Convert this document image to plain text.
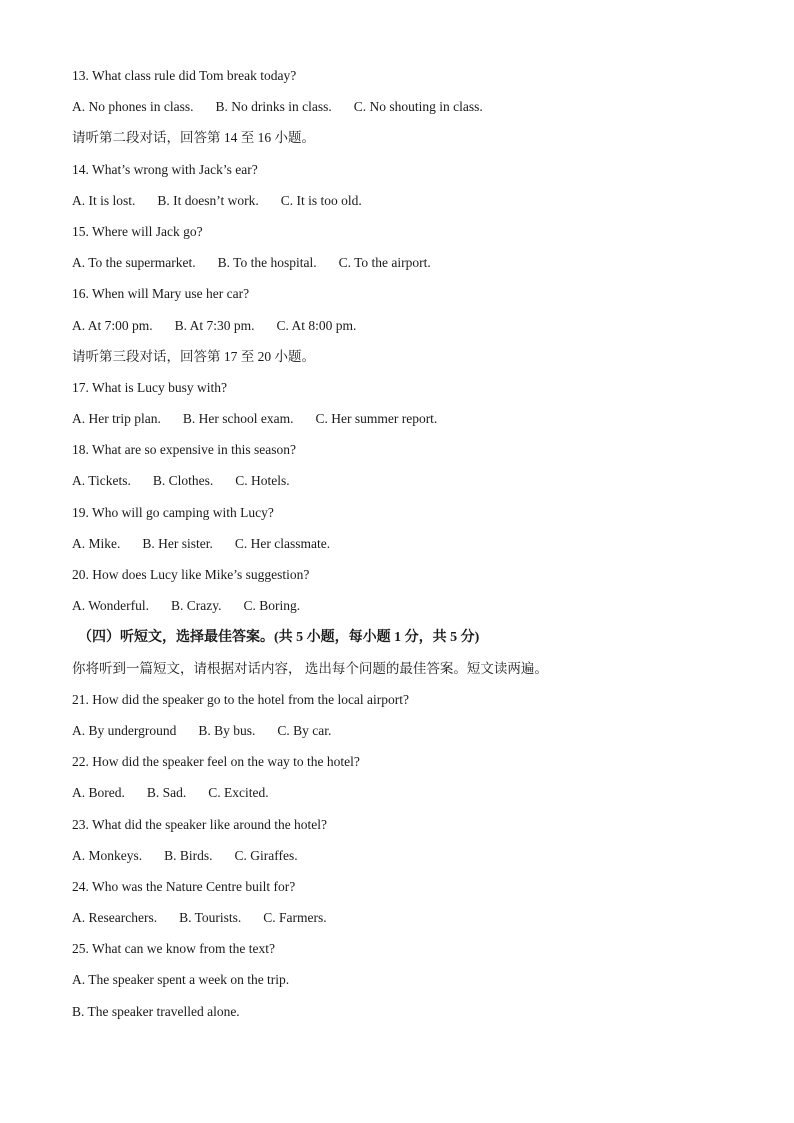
13. What class rule did Tom break today?
A. No phones in class. B. No drinks in class. C. No shouting in class.
请听第二段对话，回答第 14 至 16 小题。
14. What’s wrong with Jack’s ear?
A. It is lost. B. It doesn’t work. C. It is too old.
15. Where will Jack go?
A. To the supermarket. B. To the hospital. C. To the airport.
16. When will Mary use her car?
A. At 7:00 pm. B. At 7:30 pm. C. At 8:00 pm.
请听第三段对话，回答第 17 至 20 小题。
17. What is Lucy busy with?
A. Her trip plan. B. Her school exam. C. Her summer report.
18. What are so expensive in this season?
A. Tickets. B. Clothes. C. Hotels.
19. Who will go camping with Lucy?
A. Mike. B. Her sister. C. Her classmate.
20. How does Lucy like Mike’s suggestion?
A. Wonderful. B. Crazy. C. Boring.
（四）听短文，选择最佳答案。(共 5 小题，每小题 1 分，共 5 分)
你将听到一篇短文，请根据对话内容， 选出每个问题的最佳答案。短文读两遍。
21. How did the speaker go to the hotel from the local airport?
A. By underground B. By bus. C. By car.
22. How did the speaker feel on the way to the hotel?
A. Bored. B. Sad. C. Excited.
23. What did the speaker like around the hotel?
A. Monkeys. B. Birds. C. Giraffes.
24. Who was the Nature Centre built for?
A. Researchers. B. Tourists. C. Farmers.
25. What can we know from the text?
A. The speaker spent a week on the trip.
B. The speaker travelled alone.
